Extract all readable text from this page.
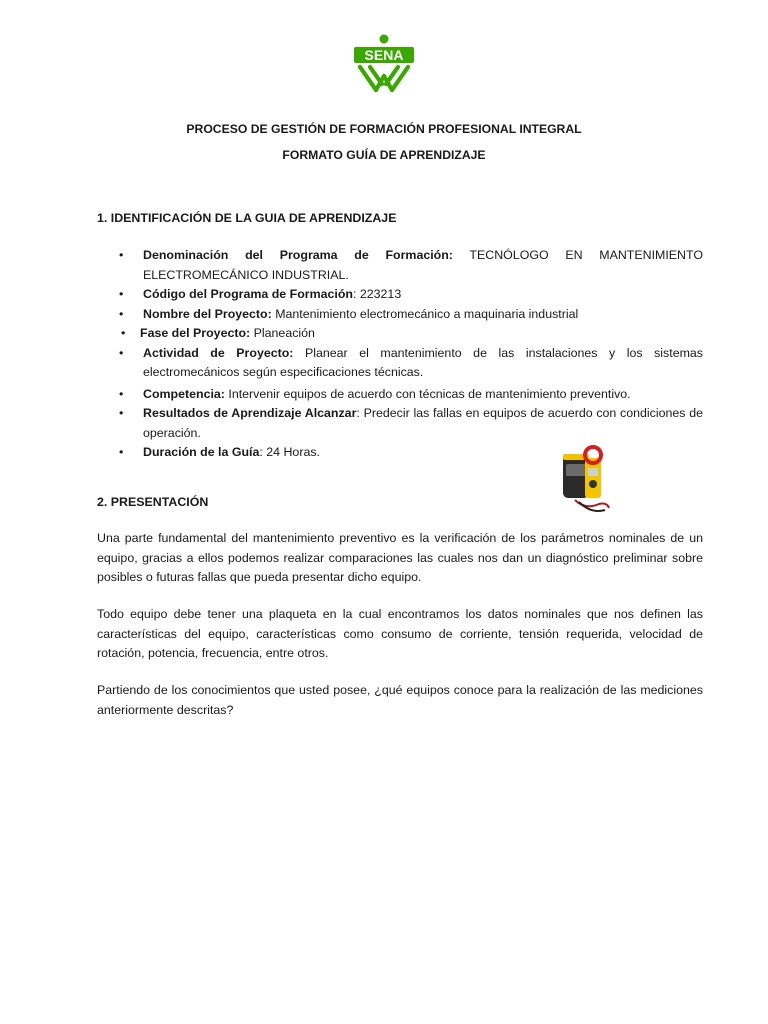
SENA
PROCESO DE GESTIÓN DE FORMACIÓN PROFESIONAL INTEGRAL
FORMATO GUÍA DE APRENDIZAJE
1. IDENTIFICACIÓN DE LA GUIA DE APRENDIZAJE
• Denominación del Programa de Formación: TECNÓLOGO EN MANTENIMIENTO ELECTROMECÁNICO INDUSTRIAL.
• Código del Programa de Formación: 223213
• Nombre del Proyecto: Mantenimiento electromecánico a maquinaria industrial
• Fase del Proyecto: Planeación
• Actividad de Proyecto: Planear el mantenimiento de las instalaciones y los sistemas electromecánicos según especificaciones técnicas.
• Competencia: Intervenir equipos de acuerdo con técnicas de mantenimiento preventivo.
• Resultados de Aprendizaje Alcanzar: Predecir las fallas en equipos de acuerdo con condiciones de operación.
• Duración de la Guía: 24 Horas.
2. PRESENTACIÓN

Una parte fundamental del mantenimiento preventivo es la verificación de los parámetros nominales de un equipo, gracias a ellos podemos realizar comparaciones las cuales nos dan un diagnóstico preliminar sobre posibles o futuras fallas que pueda presentar dicho equipo.

Todo equipo debe tener una plaqueta en la cual encontramos los datos nominales que nos definen las características del equipo, características como consumo de corriente, tensión requerida, velocidad de rotación, potencia, frecuencia, entre otros.

Partiendo de los conocimientos que usted posee, ¿qué equipos conoce para la realización de las mediciones anteriormente descritas?
